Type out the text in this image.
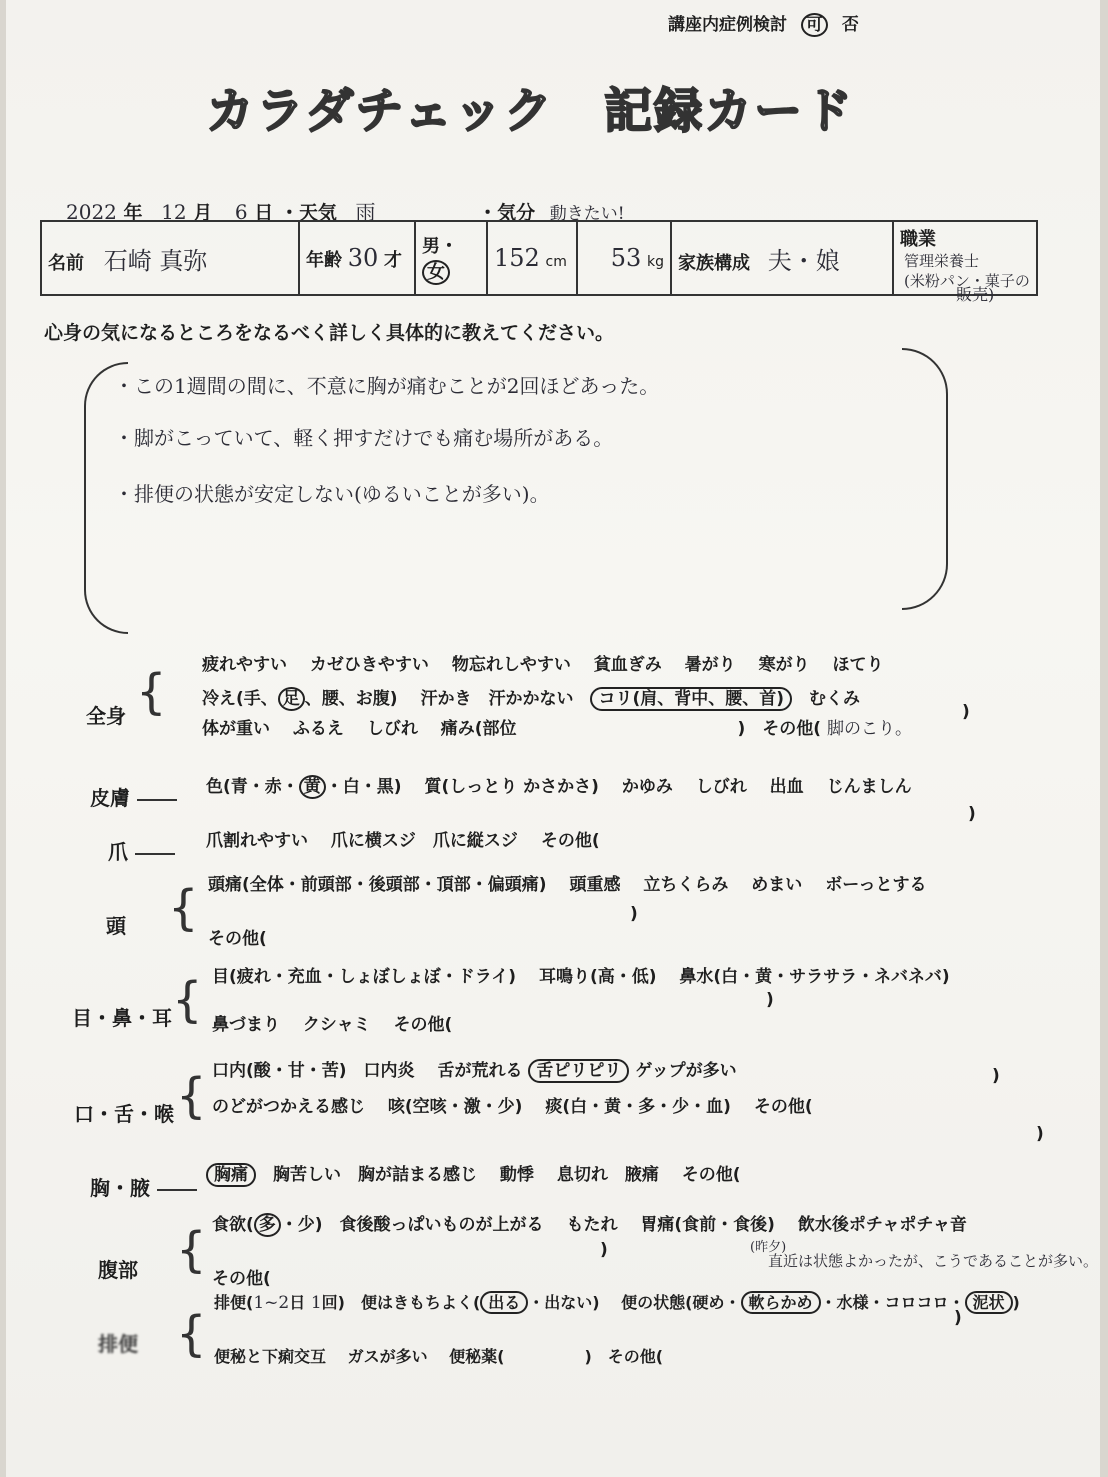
講座内症例検討 可 否
カラダチェック　記録カード
2022 年 12 月 6 日 ・天気 雨	・気分 動きたい!
名前 石崎 真弥	年齢 30 才	男・女	152 cm	53 kg	家族構成 夫・娘	職業
管理栄養士
(米粉パン・菓子の
販売)
心身の気になるところをなるべく詳しく具体的に教えてください。
・この1週間の間に、不意に胸が痛むことが2回ほどあった。
・脚がこっていて、軽く押すだけでも痛む場所がある。
・排便の状態が安定しない(ゆるいことが多い)。
全身 { 疲れやすい　 カゼひきやすい　 物忘れしやすい　 貧血ぎみ　 暑がり　 寒がり　 ほてり
冷え(手、 足 、腰、お腹)　 汗かき　汗かかない　コリ(肩、背中、腰、首)　むくみ
体が重い　 ふるえ　 しびれ　 痛み(部位　　　　　　　　　　　　　)　その他( 脚のこり。
)
皮膚	色(青・赤・ 黄 ・白・黒)　 質(しっとり かさかさ)　 かゆみ　 しびれ　 出血　 じんましん
)
爪	爪割れやすい　 爪に横スジ　爪に縦スジ　 その他(
頭 { 頭痛(全体・前頭部・後頭部・頂部・偏頭痛)　 頭重感　 立ちくらみ　 めまい　 ボーっとする
)
その他(
目・鼻・耳 { 目(疲れ・充血・しょぼしょぼ・ドライ)　 耳鳴り(高・低)　 鼻水(白・黄・サラサラ・ネバネバ)
)
鼻づまり　 クシャミ　 その他(
口・舌・喉 { 口内(酸・甘・苦)　口内炎　 舌が荒れる 舌ピリピリ ゲップが多い	)
のどがつかえる感じ　 咳(空咳・激・少)　 痰(白・黄・多・少・血)　 その他(
)
胸・腋
胸痛　胸苦しい　胸が詰まる感じ　 動悸　 息切れ　腋痛　 その他(
腹部 { 食欲( 多 ・少)　食後酸っぱいものが上がる　 もたれ　 胃痛(食前・食後)　 飲水後ポチャポチャ音
)
その他(
(昨夕)
直近は状態よかったが、こうであることが多い。
排便 {
排便(1~2日 1回)　便はきもちよく( 出る ・出ない)　 便の状態(硬め・ 軟らかめ ・水様・コロコロ・ 泥状 )
)
便秘と下痢交互　 ガスが多い　 便秘薬(　　　　　)　その他(
